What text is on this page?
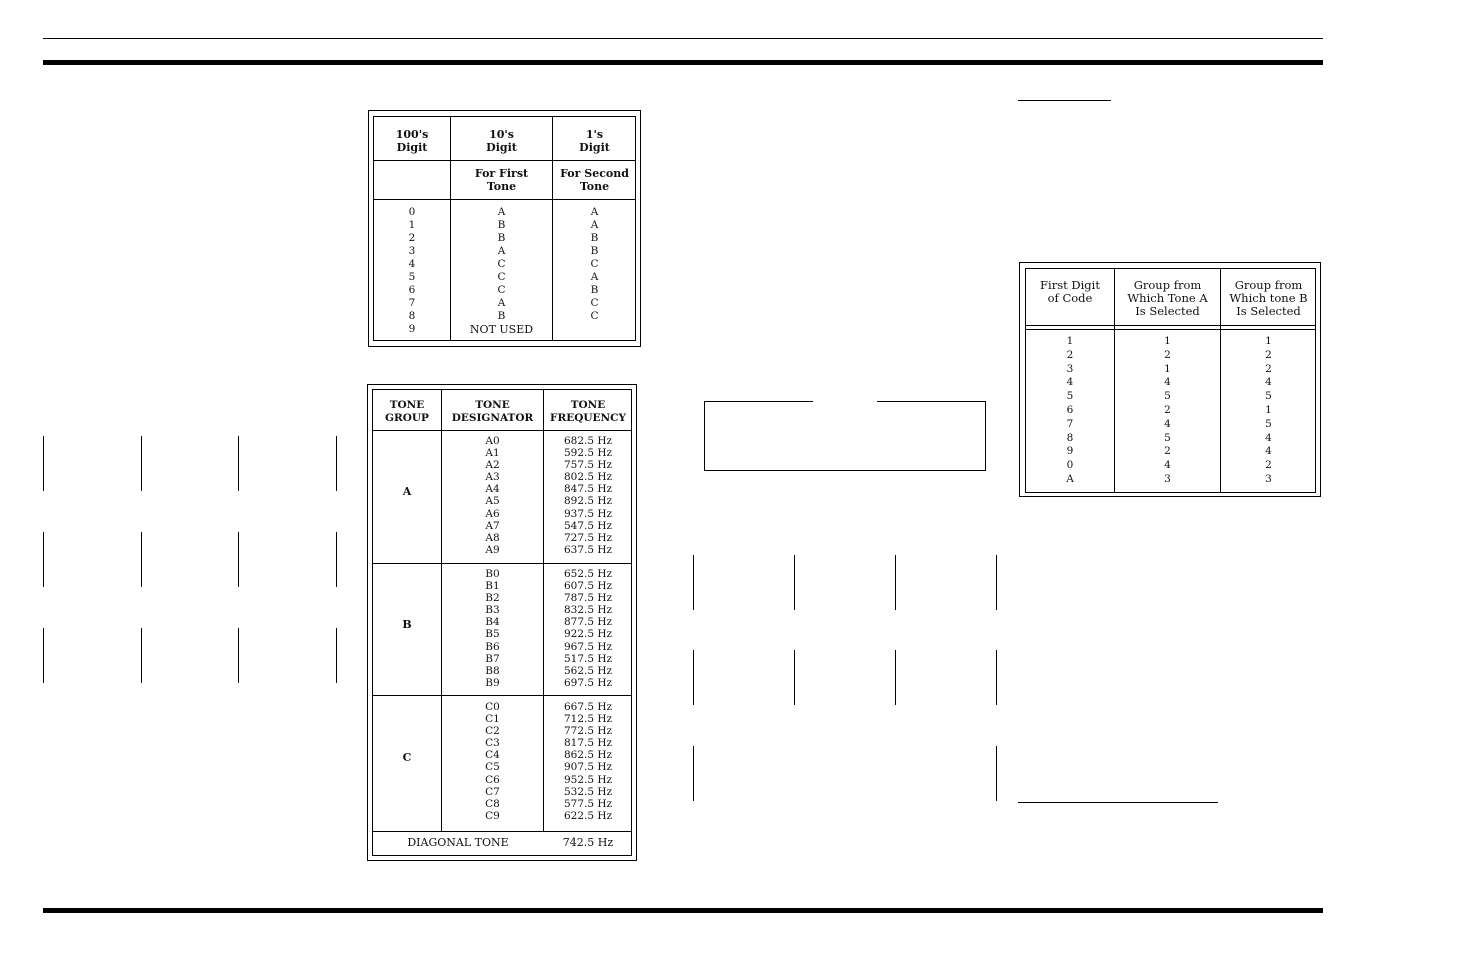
100's
Digit
10's
Digit
1's
Digit
For First
Tone
For Second
Tone
0
1
2
3
4
5
6
7
8
9
A
B
B
A
C
C
C
A
B
NOT USED
A
A
B
B
C
A
B
C
C
TONE
GROUP
TONE
DESIGNATOR
TONE
FREQUENCY
A
A0
A1
A2
A3
A4
A5
A6
A7
A8
A9
682.5 Hz
592.5 Hz
757.5 Hz
802.5 Hz
847.5 Hz
892.5 Hz
937.5 Hz
547.5 Hz
727.5 Hz
637.5 Hz
B
B0
B1
B2
B3
B4
B5
B6
B7
B8
B9
652.5 Hz
607.5 Hz
787.5 Hz
832.5 Hz
877.5 Hz
922.5 Hz
967.5 Hz
517.5 Hz
562.5 Hz
697.5 Hz
C
C0
C1
C2
C3
C4
C5
C6
C7
C8
C9
667.5 Hz
712.5 Hz
772.5 Hz
817.5 Hz
862.5 Hz
907.5 Hz
952.5 Hz
532.5 Hz
577.5 Hz
622.5 Hz
DIAGONAL TONE	742.5 Hz
First Digit
of Code
Group from
Which Tone A
Is Selected
Group from
Which tone B
Is Selected
1
2
3
4
5
6
7
8
9
0
A
1
2
1
4
5
2
4
5
2
4
3
1
2
2
4
5
1
5
4
4
2
3
